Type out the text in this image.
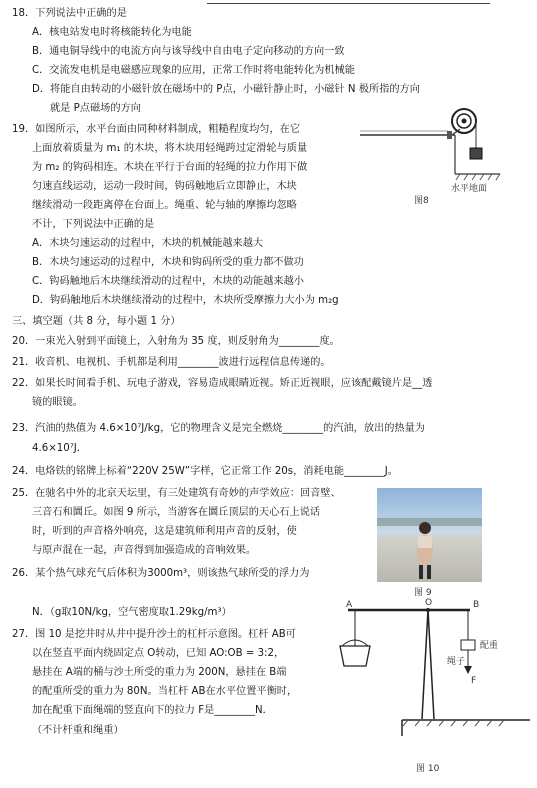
18．下列说法中正确的是
A．核电站发电时将核能转化为电能
B．通电铜导线中的电流方向与该导线中自由电子定向移动的方向一致
C．交流发电机是电磁感应现象的应用，正常工作时将电能转化为机械能
D．将能自由转动的小磁针放在磁场中的 P点，小磁针静止时，小磁针 N 极所指的方向
就是 P点磁场的方向
19．如图所示，水平台面由同种材料制成，粗糙程度均匀，在它
上面放着质量为 m₁ 的木块，将木块用轻绳跨过定滑轮与质量
为 m₂ 的钩码相连。木块在平行于台面的轻绳的拉力作用下做
匀速直线运动，运动一段时间，钩码触地后立即静止，木块
继续滑动一段距离停在台面上。绳重、轮与轴的摩擦均忽略
不计，下列说法中正确的是
A．木块匀速运动的过程中，木块的机械能越来越大
B．木块匀速运动的过程中，木块和钩码所受的重力都不做功
C．钩码触地后木块继续滑动的过程中，木块的动能越来越小
D．钩码触地后木块继续滑动的过程中，木块所受摩擦力大小为 m₂g
水平地面
图8
三、填空题（共 8 分，每小题 1 分）
20．一束光入射到平面镜上，入射角为 35 度，则反射角为________度。
21．收音机、电视机、手机都是利用________波进行远程信息传递的。
22．如果长时间看手机、玩电子游戏，容易造成眼睛近视。矫正近视眼，应该配戴镜片是__透
镜的眼镜。
23．汽油的热值为 4.6×10⁷J/kg，它的物理含义是完全燃烧________的汽油，放出的热量为
4.6×10⁷J．
24．电烙铁的铭牌上标着“220V 25W”字样，它正常工作 20s，消耗电能________J。
25．在驰名中外的北京天坛里，有三处建筑有奇妙的声学效应：回音壁、
三音石和圜丘。如图 9 所示，当游客在圜丘顶层的天心石上说话
时，听到的声音格外响亮，这是建筑师利用声音的反射，使
与原声混在一起，声音得到加强造成的音响效果。
图 9
26．某个热气球充气后体积为3000m³，则该热气球所受的浮力为
N．（g取10N/kg，空气密度取1.29kg/m³）
27．图 10 是挖井时从井中提升沙土的杠杆示意图。杠杆 AB可
以在竖直平面内绕固定点 O转动，已知 AO:OB = 3:2，
悬挂在 A端的桶与沙土所受的重力为 200N，悬挂在 B端
的配重所受的重力为 80N。当杠杆 AB在水平位置平衡时，
加在配重下面绳端的竖直向下的拉力 F是________N．
（不计杆重和绳重）
A	O	B
配重
绳子
F
图 10
